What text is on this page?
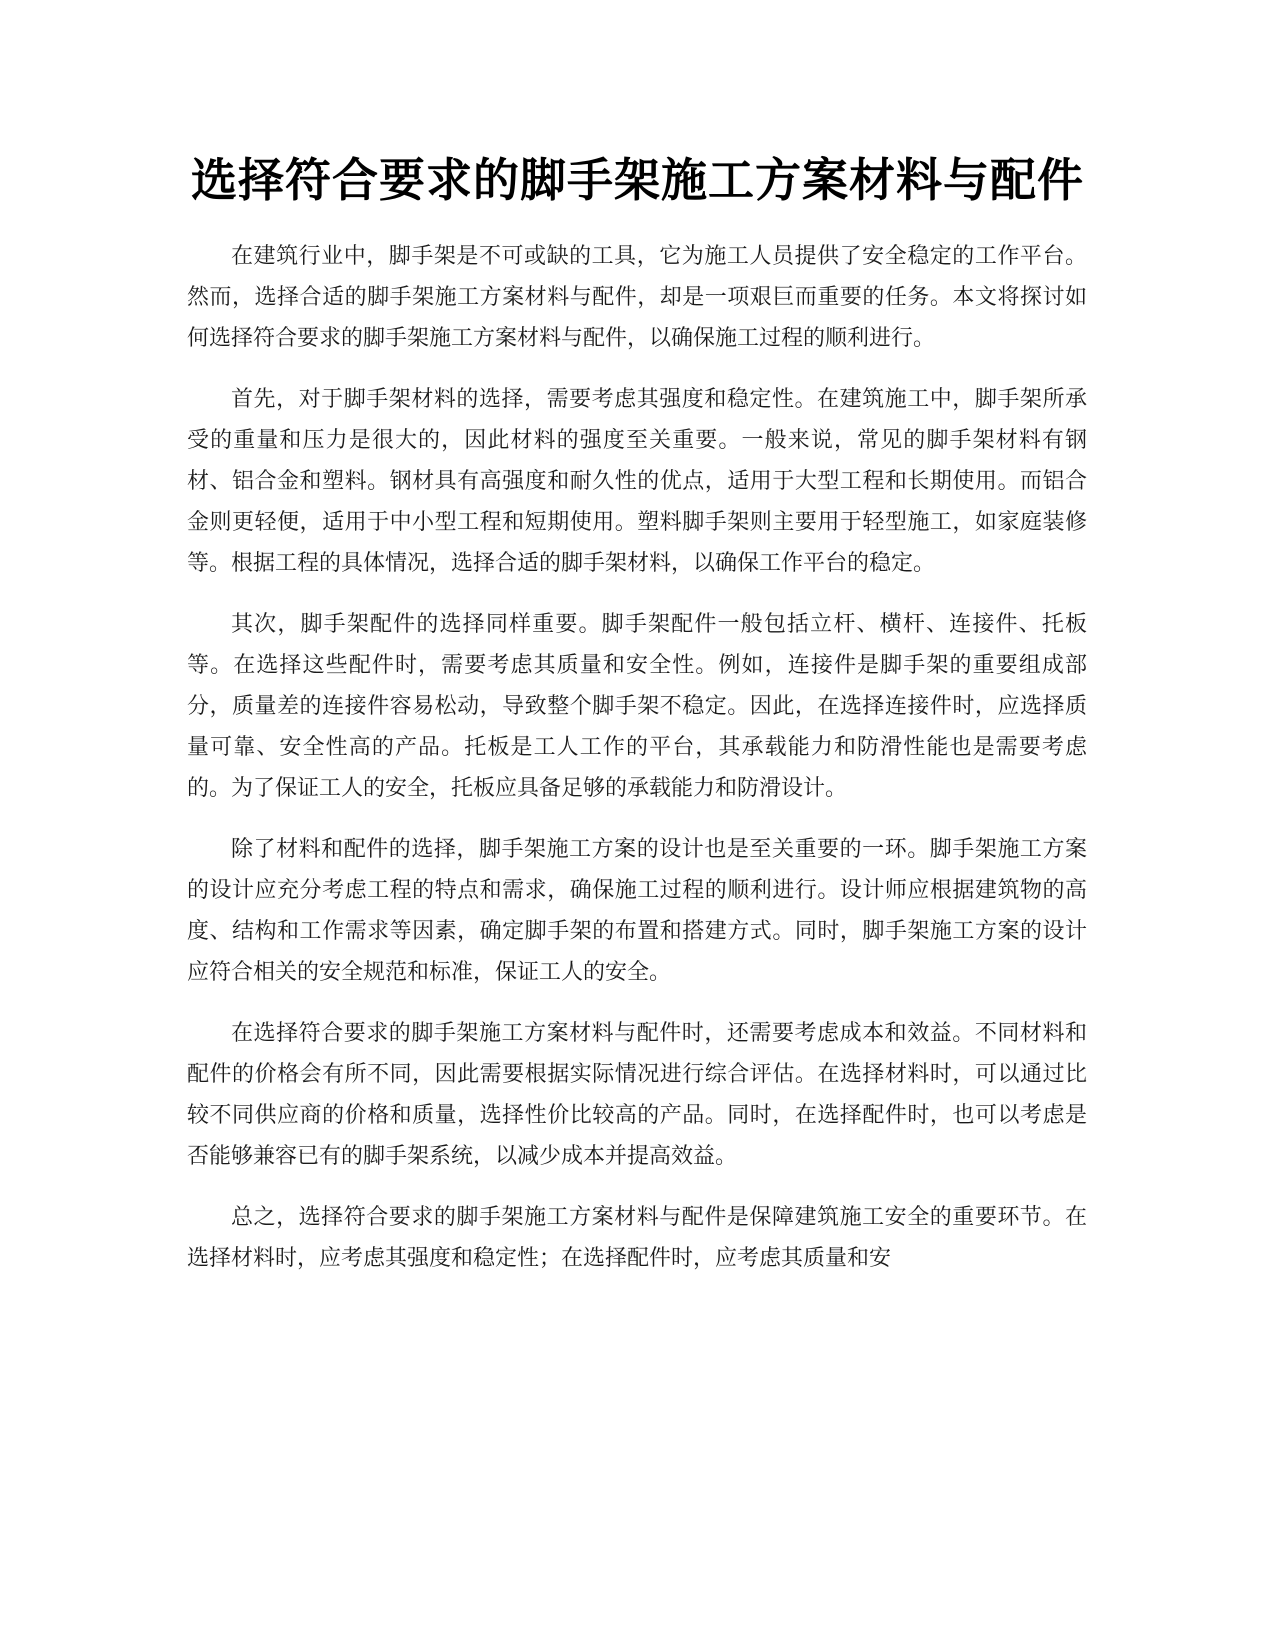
选择符合要求的脚手架施工方案材料与配件

在建筑行业中，脚手架是不可或缺的工具，它为施工人员提供了安全稳定的工作平台。然而，选择合适的脚手架施工方案材料与配件，却是一项艰巨而重要的任务。本文将探讨如何选择符合要求的脚手架施工方案材料与配件，以确保施工过程的顺利进行。

首先，对于脚手架材料的选择，需要考虑其强度和稳定性。在建筑施工中，脚手架所承受的重量和压力是很大的，因此材料的强度至关重要。一般来说，常见的脚手架材料有钢材、铝合金和塑料。钢材具有高强度和耐久性的优点，适用于大型工程和长期使用。而铝合金则更轻便，适用于中小型工程和短期使用。塑料脚手架则主要用于轻型施工，如家庭装修等。根据工程的具体情况，选择合适的脚手架材料，以确保工作平台的稳定。

其次，脚手架配件的选择同样重要。脚手架配件一般包括立杆、横杆、连接件、托板等。在选择这些配件时，需要考虑其质量和安全性。例如，连接件是脚手架的重要组成部分，质量差的连接件容易松动，导致整个脚手架不稳定。因此，在选择连接件时，应选择质量可靠、安全性高的产品。托板是工人工作的平台，其承载能力和防滑性能也是需要考虑的。为了保证工人的安全，托板应具备足够的承载能力和防滑设计。

除了材料和配件的选择，脚手架施工方案的设计也是至关重要的一环。脚手架施工方案的设计应充分考虑工程的特点和需求，确保施工过程的顺利进行。设计师应根据建筑物的高度、结构和工作需求等因素，确定脚手架的布置和搭建方式。同时，脚手架施工方案的设计应符合相关的安全规范和标准，保证工人的安全。

在选择符合要求的脚手架施工方案材料与配件时，还需要考虑成本和效益。不同材料和配件的价格会有所不同，因此需要根据实际情况进行综合评估。在选择材料时，可以通过比较不同供应商的价格和质量，选择性价比较高的产品。同时，在选择配件时，也可以考虑是否能够兼容已有的脚手架系统，以减少成本并提高效益。

总之，选择符合要求的脚手架施工方案材料与配件是保障建筑施工安全的重要环节。在选择材料时，应考虑其强度和稳定性；在选择配件时，应考虑其质量和安
